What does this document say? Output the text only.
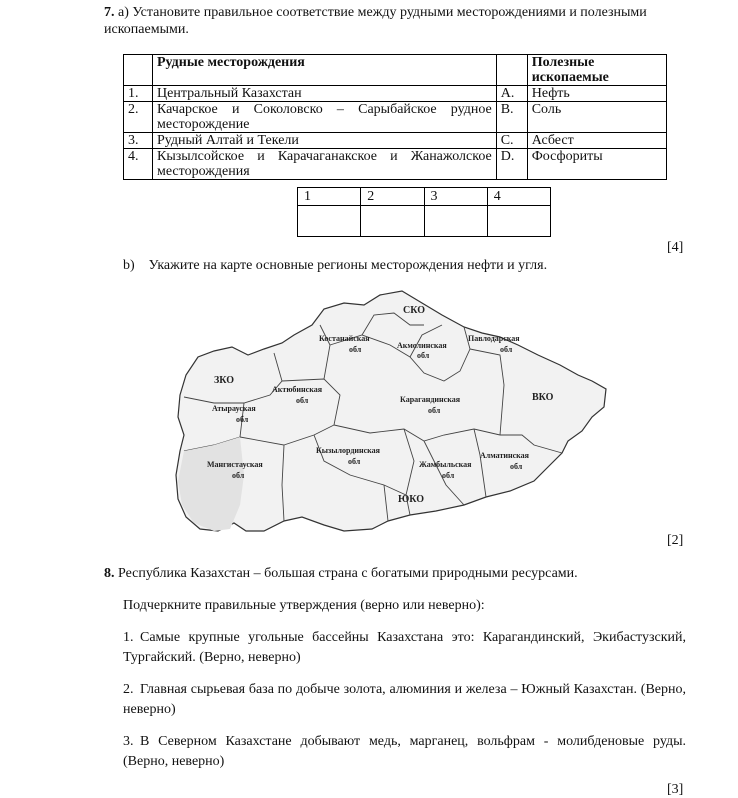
7. а) Установите правильное соответствие между рудными месторождениями и полезными ископаемыми.
	Рудные месторождения		Полезные ископаемые
1.	Центральный Казахстан	A.	Нефть
2.	Качарское и Соколовско – Сарыбайское рудное месторождение	B.	Соль
3.	Рудный Алтай и Текели	C.	Асбест
4.	Кызылсойское и Карачаганакское и Жанажолское месторождения	D.	Фосфориты
1	2	3	4

[4]
b)    Укажите на карте основные регионы месторождения нефти и угля.
СКО
Костанайская
обл	Акмолинская
обл
Павлодарская
обл
ЗКО
Актюбинская
обл
Атырауская
обл
Карагандинская
обл
ВКО
Мангистауская
обл
Кызылординская
обл	Жамбыльская
обл
Алматинская
обл
ЮКО
[2]
8. Республика Казахстан – большая страна с богатыми природными ресурсами.
Подчеркните правильные утверждения (верно или неверно):
1. Самые крупные угольные бассейны Казахстана это: Карагандинский, Экибастузский, Тургайский. (Верно, неверно)
2. Главная сырьевая база по добыче золота, алюминия и железа – Южный Казахстан. (Верно, неверно)
3. В Северном Казахстане добывают медь, марганец, вольфрам - молибденовые руды. (Верно, неверно)
[3]
